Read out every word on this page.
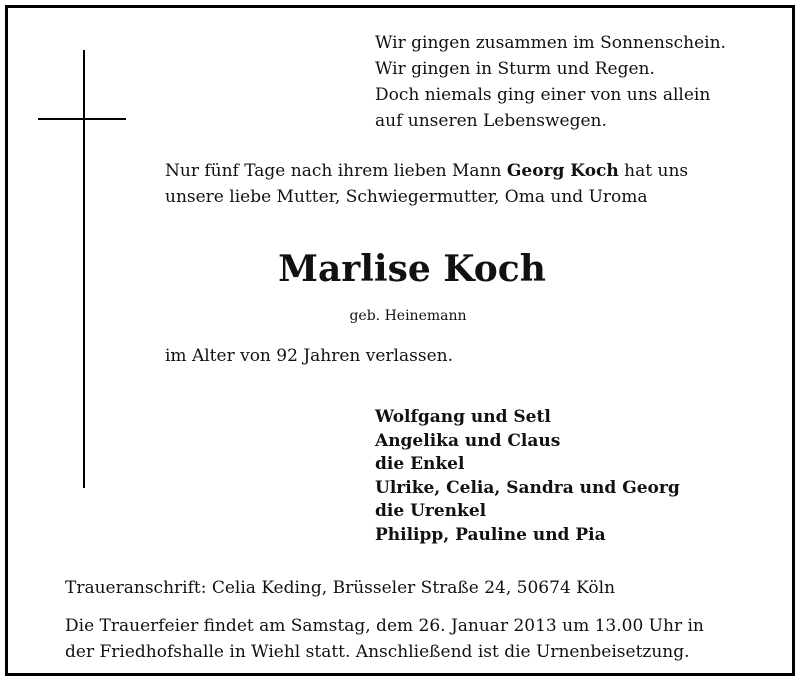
Wir gingen zusammen im Sonnenschein.
Wir gingen in Sturm und Regen.
Doch niemals ging einer von uns allein
auf unseren Lebenswegen.
Nur fünf Tage nach ihrem lieben Mann Georg Koch hat uns
unsere liebe Mutter, Schwiegermutter, Oma und Uroma
Marlise Koch
geb. Heinemann
im Alter von 92 Jahren verlassen.
Wolfgang und Setl
Angelika und Claus
die Enkel
Ulrike, Celia, Sandra und Georg
die Urenkel
Philipp, Pauline und Pia
Traueranschrift: Celia Keding, Brüsseler Straße 24, 50674 Köln
Die Trauerfeier findet am Samstag, dem 26. Januar 2013 um 13.00 Uhr in
der Friedhofshalle in Wiehl statt. Anschließend ist die Urnenbeisetzung.
